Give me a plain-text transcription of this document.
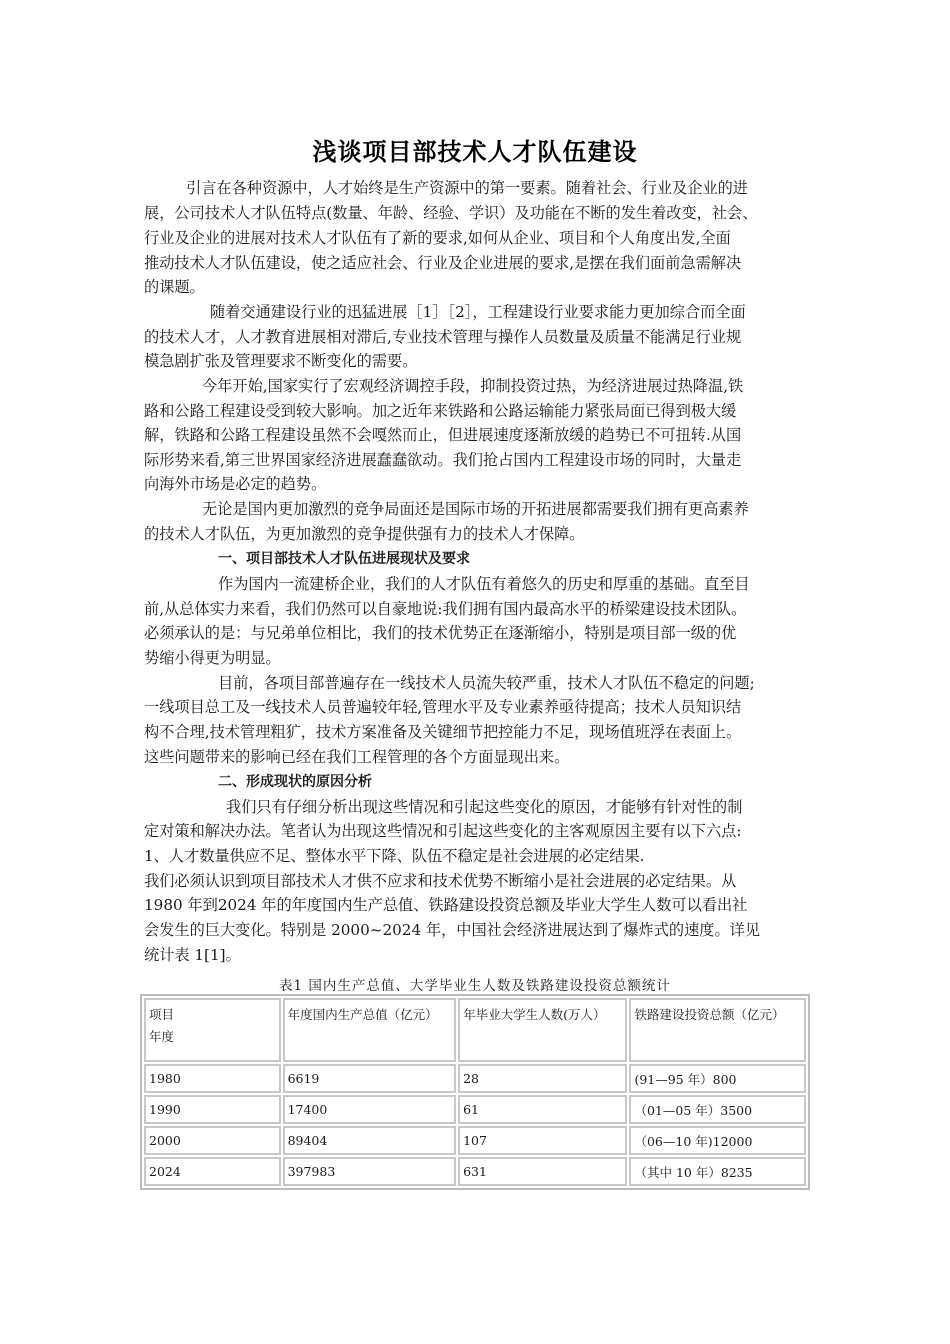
浅谈项目部技术人才队伍建设
引言在各种资源中，人才始终是生产资源中的第一要素。随着社会、行业及企业的进
展，公司技术人才队伍特点(数量、年龄、经验、学识）及功能在不断的发生着改变，社会、
行业及企业的进展对技术人才队伍有了新的要求,如何从企业、项目和个人角度出发,全面
推动技术人才队伍建设，使之适应社会、行业及企业进展的要求,是摆在我们面前急需解决
的课题。
随着交通建设行业的迅猛进展［1］［2］，工程建设行业要求能力更加综合而全面
的技术人才，人才教育进展相对滞后,专业技术管理与操作人员数量及质量不能满足行业规
模急剧扩张及管理要求不断变化的需要。
今年开始,国家实行了宏观经济调控手段，抑制投资过热，为经济进展过热降温,铁
路和公路工程建设受到较大影响。加之近年来铁路和公路运输能力紧张局面已得到极大缓
解，铁路和公路工程建设虽然不会嘎然而止，但进展速度逐渐放缓的趋势已不可扭转.从国
际形势来看,第三世界国家经济进展蠢蠢欲动。我们抢占国内工程建设市场的同时，大量走
向海外市场是必定的趋势。
无论是国内更加激烈的竞争局面还是国际市场的开拓进展都需要我们拥有更高素养
的技术人才队伍，为更加激烈的竞争提供强有力的技术人才保障。
一、项目部技术人才队伍进展现状及要求
作为国内一流建桥企业，我们的人才队伍有着悠久的历史和厚重的基础。直至目
前,从总体实力来看，我们仍然可以自豪地说:我们拥有国内最高水平的桥梁建设技术团队。
必须承认的是：与兄弟单位相比，我们的技术优势正在逐渐缩小，特别是项目部一级的优
势缩小得更为明显。
目前，各项目部普遍存在一线技术人员流失较严重，技术人才队伍不稳定的问题;
一线项目总工及一线技术人员普遍较年轻,管理水平及专业素养亟待提高；技术人员知识结
构不合理,技术管理粗犷，技术方案准备及关键细节把控能力不足，现场值班浮在表面上。
这些问题带来的影响已经在我们工程管理的各个方面显现出来。
二、形成现状的原因分析
我们只有仔细分析出现这些情况和引起这些变化的原因，才能够有针对性的制
定对策和解决办法。笔者认为出现这些情况和引起这些变化的主客观原因主要有以下六点:
1、人才数量供应不足、整体水平下降、队伍不稳定是社会进展的必定结果.
我们必须认识到项目部技术人才供不应求和技术优势不断缩小是社会进展的必定结果。从
1980 年到2024 年的年度国内生产总值、铁路建设投资总额及毕业大学生人数可以看出社
会发生的巨大变化。特别是 2000~2024 年，中国社会经济进展达到了爆炸式的速度。详见
统计表 1[1]。
表1 国内生产总值、大学毕业生人数及铁路建设投资总额统计
项目
年度	年度国内生产总值（亿元）	年毕业大学生人数(万人）	铁路建设投资总额（亿元）
1980	6619	28	(91—95 年）800
1990	17400	61	（01—05 年）3500
2000	89404	107	（06—10 年)12000
2024	397983	631	（其中 10 年）8235
